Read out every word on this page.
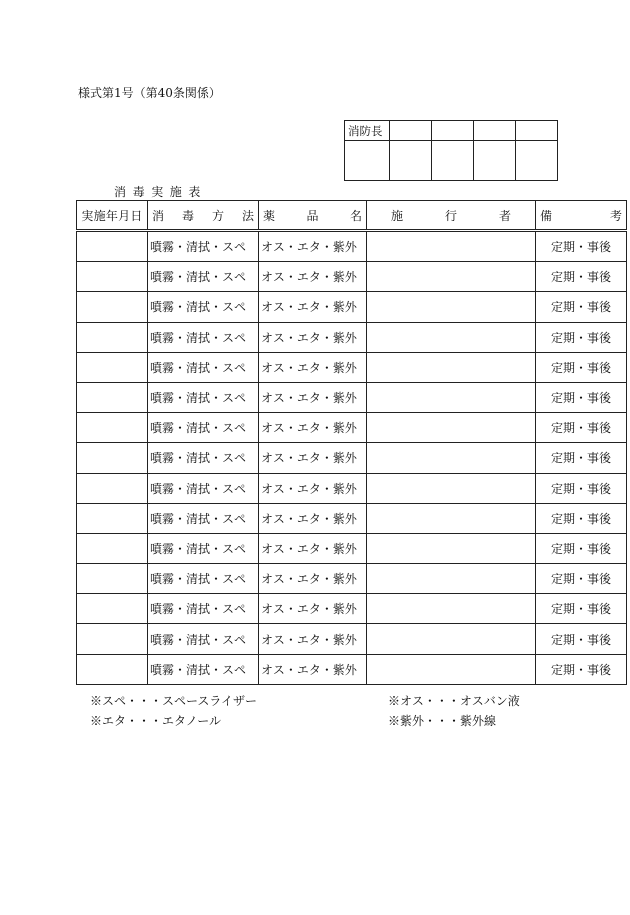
様式第1号（第40条関係）
消防長				

消毒実施表
実施年月日	消毒方法	薬品名	施行者	備考
	噴霧・清拭・スペ	オス・エタ・紫外		定期・事後
	噴霧・清拭・スペ	オス・エタ・紫外		定期・事後
	噴霧・清拭・スペ	オス・エタ・紫外		定期・事後
	噴霧・清拭・スペ	オス・エタ・紫外		定期・事後
	噴霧・清拭・スペ	オス・エタ・紫外		定期・事後
	噴霧・清拭・スペ	オス・エタ・紫外		定期・事後
	噴霧・清拭・スペ	オス・エタ・紫外		定期・事後
	噴霧・清拭・スペ	オス・エタ・紫外		定期・事後
	噴霧・清拭・スペ	オス・エタ・紫外		定期・事後
	噴霧・清拭・スペ	オス・エタ・紫外		定期・事後
	噴霧・清拭・スペ	オス・エタ・紫外		定期・事後
	噴霧・清拭・スペ	オス・エタ・紫外		定期・事後
	噴霧・清拭・スペ	オス・エタ・紫外		定期・事後
	噴霧・清拭・スペ	オス・エタ・紫外		定期・事後
	噴霧・清拭・スペ	オス・エタ・紫外		定期・事後
※スペ・・・スペースライザー	※オス・・・オスバン液
※エタ・・・エタノール	※紫外・・・紫外線
